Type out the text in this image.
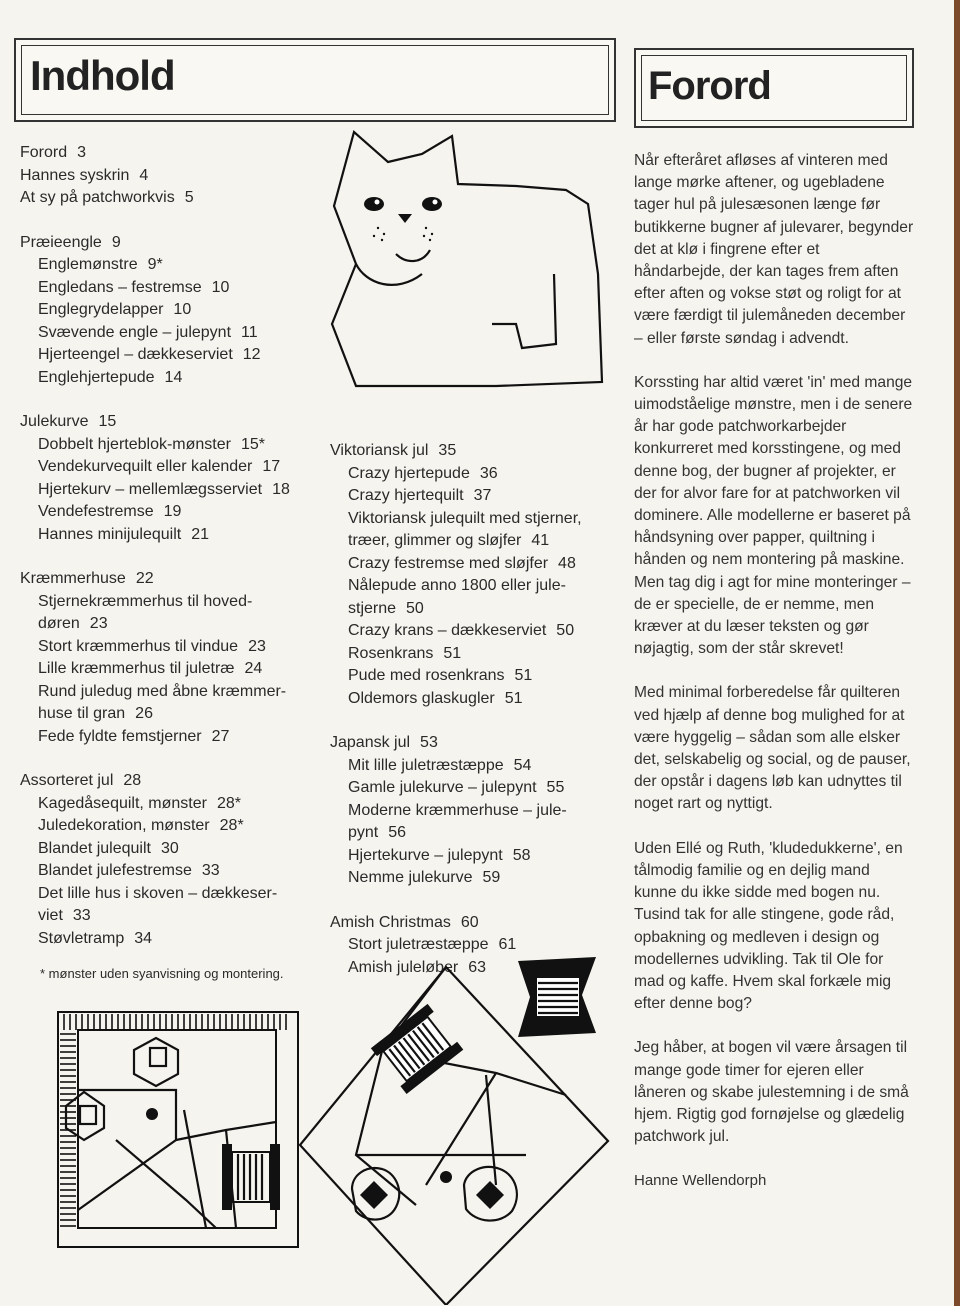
Indhold	Forord
Forord 3
Hannes syskrin 4
At sy på patchworkvis 5
Præieengle 9
Englemønstre 9*
Engledans – festremse 10
Englegrydelapper 10
Svævende engle – julepynt 11
Hjerteengel – dækkeserviet 12
Englehjertepude 14
Julekurve 15
Dobbelt hjerteblok-mønster 15*
Vendekurvequilt eller kalender 17
Hjertekurv – mellemlægsserviet 18
Vendefestremse 19
Hannes minijulequilt 21
Kræmmerhuse 22
Stjernekræmmerhus til hoved-
døren 23
Stort kræmmerhus til vindue 23
Lille kræmmerhus til juletræ 24
Rund juledug med åbne kræmmer-
huse til gran 26
Fede fyldte femstjerner 27
Assorteret jul 28
Kagedåsequilt, mønster 28*
Juledekoration, mønster 28*
Blandet julequilt 30
Blandet julefestremse 33
Det lille hus i skoven – dækkeser-
viet 33
Støvletramp 34
Viktoriansk jul 35
Crazy hjertepude 36
Crazy hjertequilt 37
Viktoriansk julequilt med stjerner,
træer, glimmer og sløjfer 41
Crazy festremse med sløjfer 48
Nålepude anno 1800 eller jule-
stjerne 50
Crazy krans – dækkeserviet 50
Rosenkrans 51
Pude med rosenkrans 51
Oldemors glaskugler 51
Japansk jul 53
Mit lille juletræstæppe 54
Gamle julekurve – julepynt 55
Moderne kræmmerhuse – jule-
pynt 56
Hjertekurve – julepynt 58
Nemme julekurve 59
Amish Christmas 60
Stort juletræstæppe 61
Amish juleløber 63
* mønster uden syanvisning og montering.

Når efteråret afløses af vinteren med lange mørke aftener, og ugebladene tager hul på julesæsonen længe før butikkerne bugner af julevarer, begynder det at klø i fingrene efter et håndarbejde, der kan tages frem aften efter aften og vokse støt og roligt for at være færdigt til julemåneden december – eller første søndag i advendt.

Korssting har altid været 'in' med mange uimodståelige mønstre, men i de senere år har gode patchworkarbejder konkurreret med korsstingene, og med denne bog, der bugner af projekter, er der for alvor fare for at patchworken vil dominere. Alle modellerne er baseret på håndsyning over papper, quiltning i hånden og nem montering på maskine. Men tag dig i agt for mine monteringer – de er specielle, de er nemme, men kræver at du læser teksten og gør nøjagtig, som der står skrevet!

Med minimal forberedelse får quilteren ved hjælp af denne bog mulighed for at være hyggelig – sådan som alle elsker det, selskabelig og social, og de pauser, der opstår i dagens løb kan udnyttes til noget rart og nyttigt.

Uden Ellé og Ruth, 'kludedukkerne', en tålmodig familie og en dejlig mand kunne du ikke sidde med bogen nu. Tusind tak for alle stingene, gode råd, opbakning og medleven i design og modellernes udvikling. Tak til Ole for mad og kaffe. Hvem skal forkæle mig efter denne bog?

Jeg håber, at bogen vil være årsagen til mange gode timer for ejeren eller låneren og skabe julestemning i de små hjem. Rigtig god fornøjelse og glædelig patchwork jul.

Hanne Wellendorph
